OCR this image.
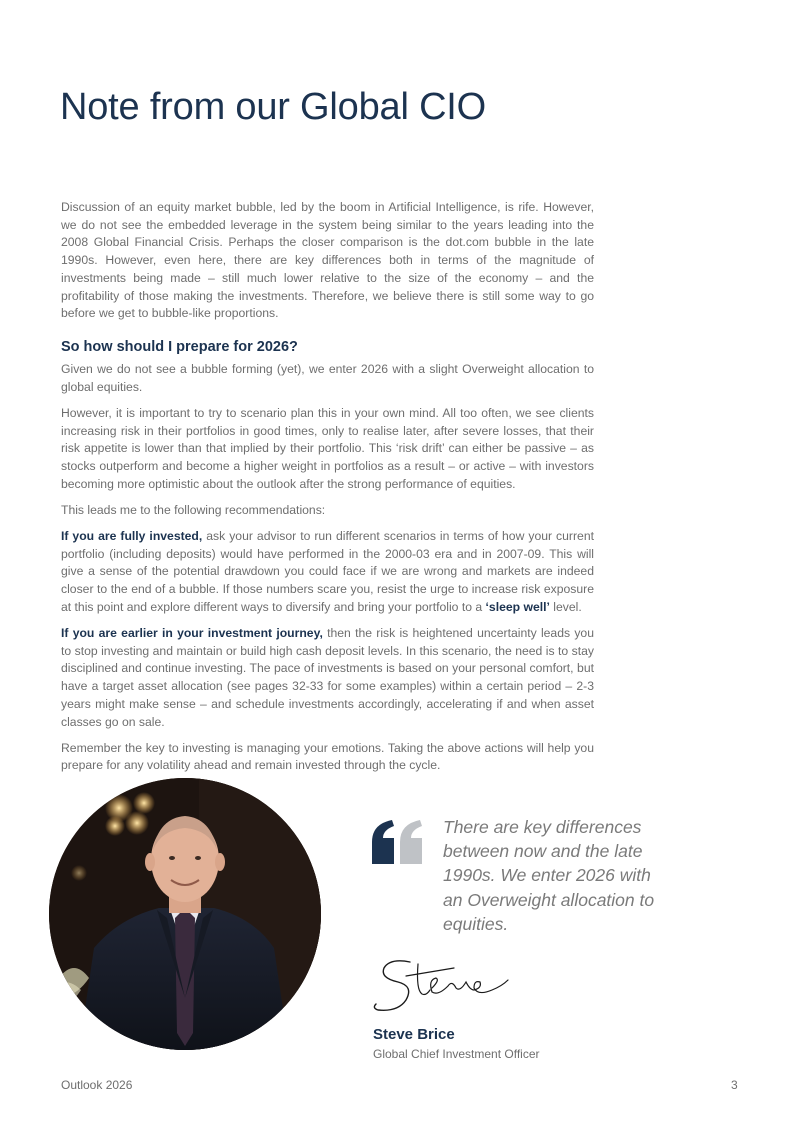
Note from our Global CIO

Discussion of an equity market bubble, led by the boom in Artificial Intelligence, is rife. However, we do not see the embedded leverage in the system being similar to the years leading into the 2008 Global Financial Crisis. Perhaps the closer comparison is the dot.com bubble in the late 1990s. However, even here, there are key differences both in terms of the magnitude of investments being made – still much lower relative to the size of the economy – and the profitability of those making the investments. Therefore, we believe there is still some way to go before we get to bubble-like proportions.

So how should I prepare for 2026?

Given we do not see a bubble forming (yet), we enter 2026 with a slight Overweight allocation to global equities.

However, it is important to try to scenario plan this in your own mind. All too often, we see clients increasing risk in their portfolios in good times, only to realise later, after severe losses, that their risk appetite is lower than that implied by their portfolio. This ‘risk drift’ can either be passive – as stocks outperform and become a higher weight in portfolios as a result – or active – with investors becoming more optimistic about the outlook after the strong performance of equities.

This leads me to the following recommendations:

If you are fully invested, ask your advisor to run different scenarios in terms of how your current portfolio (including deposits) would have performed in the 2000-03 era and in 2007-09. This will give a sense of the potential drawdown you could face if we are wrong and markets are indeed closer to the end of a bubble. If those numbers scare you, resist the urge to increase risk exposure at this point and explore different ways to diversify and bring your portfolio to a ‘sleep well’ level.

If you are earlier in your investment journey, then the risk is heightened uncertainty leads you to stop investing and maintain or build high cash deposit levels. In this scenario, the need is to stay disciplined and continue investing. The pace of investments is based on your personal comfort, but have a target asset allocation (see pages 32-33 for some examples) within a certain period – 2-3 years might make sense – and schedule investments accordingly, accelerating if and when asset classes go on sale.

Remember the key to investing is managing your emotions. Taking the above actions will help you prepare for any volatility ahead and remain invested through the cycle.

There are key differences between now and the late 1990s. We enter 2026 with an Overweight allocation to equities.
Steve Brice
Global Chief Investment Officer
Outlook 2026	3
